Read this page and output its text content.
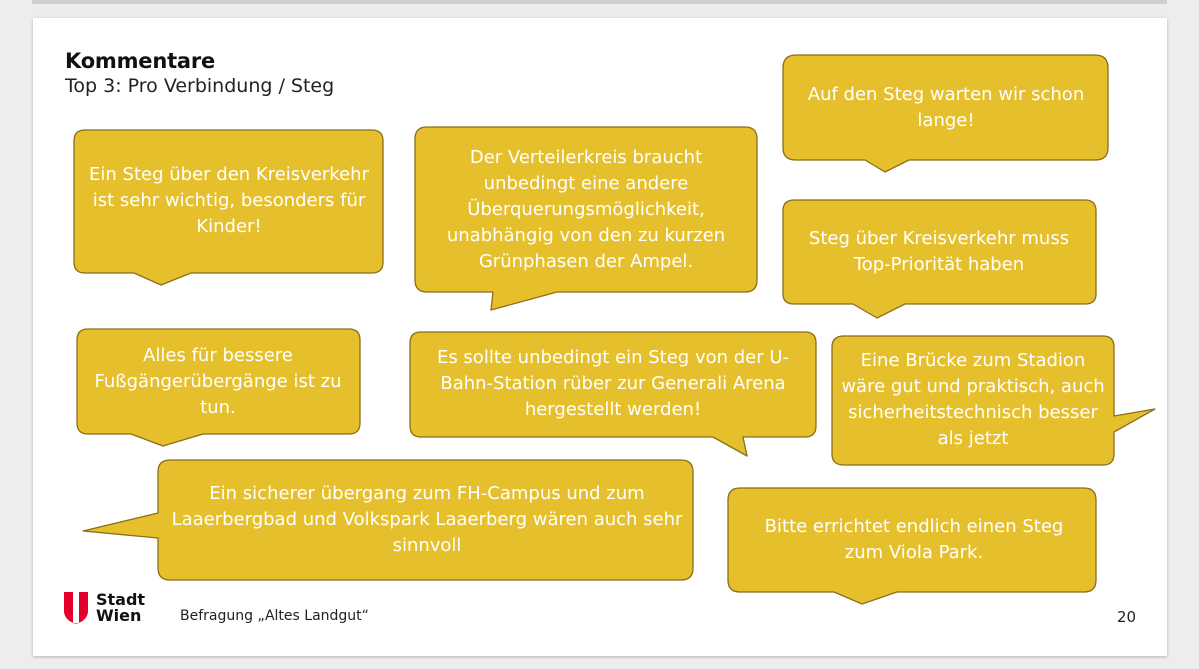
Kommentare
Top 3: Pro Verbindung / Steg
Ein Steg über den Kreisverkehr ist sehr wichtig, besonders für Kinder!
Der Verteilerkreis braucht unbedingt eine andere Überquerungsmöglichkeit, unabhängig von den zu kurzen Grünphasen der Ampel.
Auf den Steg warten wir schon lange!
Steg über Kreisverkehr muss Top-Priorität haben
Alles für bessere Fußgängerübergänge ist zu tun.
Es sollte unbedingt ein Steg von der U-Bahn-Station rüber zur Generali Arena hergestellt werden!
Eine Brücke zum Stadion wäre gut und praktisch, auch sicherheitstechnisch besser als jetzt
Ein sicherer übergang zum FH-Campus und zum Laaerbergbad und Volkspark Laaerberg wären auch sehr sinnvoll
Bitte errichtet endlich einen Steg zum Viola Park.
Stadt
Wien	Befragung „Altes Landgut“	20
